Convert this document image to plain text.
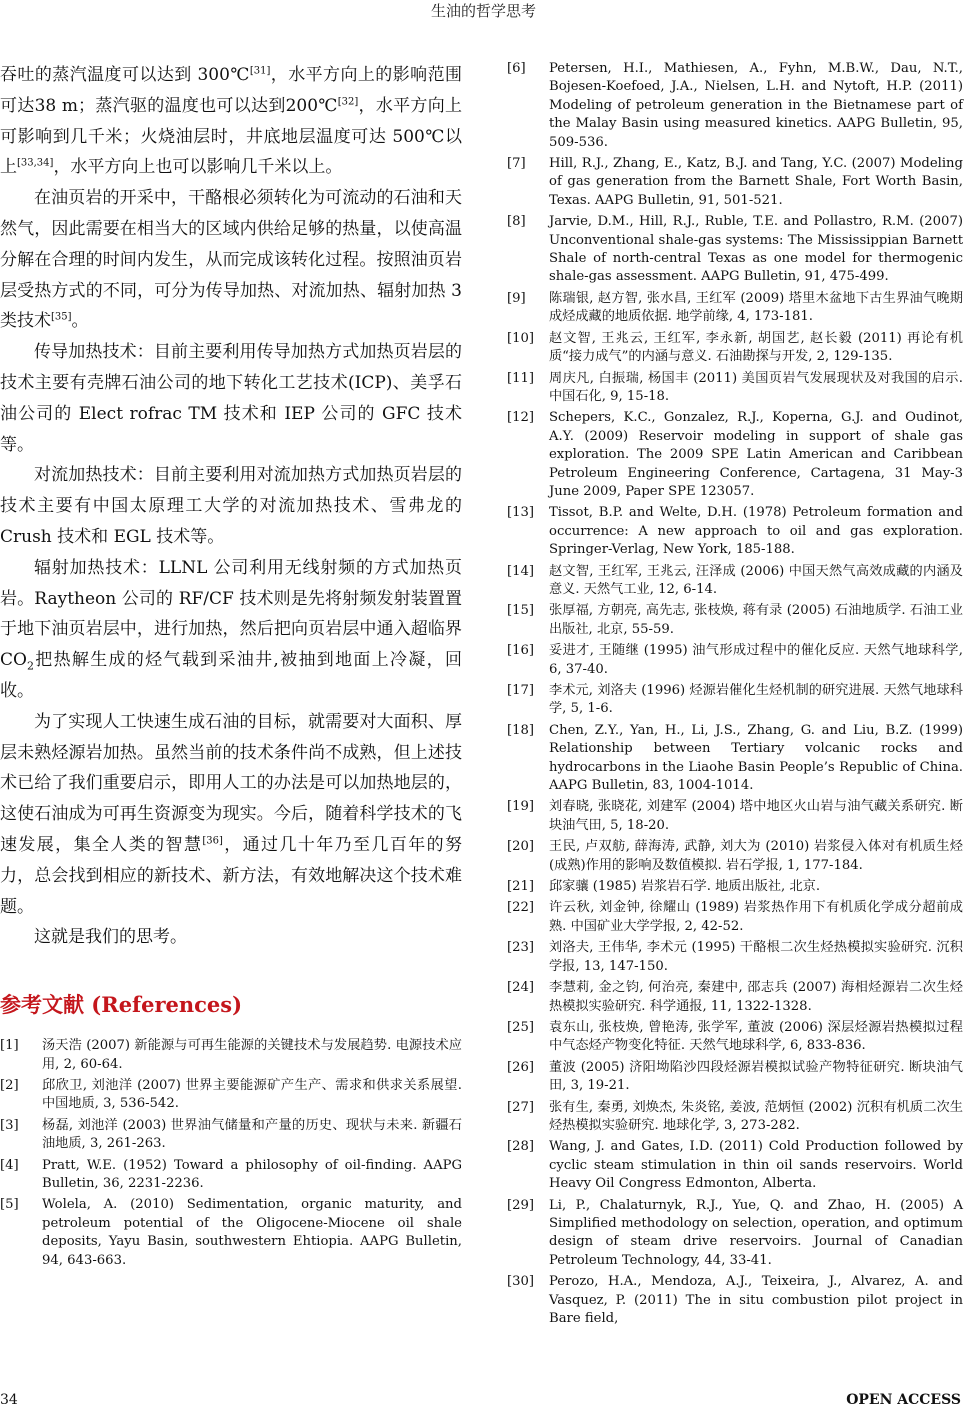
生油的哲学思考

吞吐的蒸汽温度可以达到 300℃[31]，水平方向上的影响范围可达38 m；蒸汽驱的温度也可以达到200℃[32]，水平方向上可影响到几千米；火烧油层时，井底地层温度可达 500℃以上[33,34]，水平方向上也可以影响几千米以上。

在油页岩的开采中，干酪根必须转化为可流动的石油和天然气，因此需要在相当大的区域内供给足够的热量，以使高温分解在合理的时间内发生，从而完成该转化过程。按照油页岩层受热方式的不同，可分为传导加热、对流加热、辐射加热 3 类技术[35]。

传导加热技术：目前主要利用传导加热方式加热页岩层的技术主要有壳牌石油公司的地下转化工艺技术(ICP)、美孚石油公司的 Elect rofrac TM 技术和 IEP 公司的 GFC 技术等。

对流加热技术：目前主要利用对流加热方式加热页岩层的技术主要有中国太原理工大学的对流加热技术、雪弗龙的 Crush 技术和 EGL 技术等。

辐射加热技术：LLNL 公司利用无线射频的方式加热页岩。Raytheon 公司的 RF/CF 技术则是先将射频发射装置置于地下油页岩层中，进行加热，然后把向页岩层中通入超临界$CO_2$把热解生成的烃气载到采油井,被抽到地面上冷凝，回收。

为了实现人工快速生成石油的目标，就需要对大面积、厚层未熟烃源岩加热。虽然当前的技术条件尚不成熟，但上述技术已给了我们重要启示，即用人工的办法是可以加热地层的，这使石油成为可再生资源变为现实。今后，随着科学技术的飞速发展，集全人类的智慧[36]，通过几十年乃至几百年的努力，总会找到相应的新技术、新方法，有效地解决这个技术难题。

这就是我们的思考。

参考文献 (References)
[1] 汤天浩 (2007) 新能源与可再生能源的关键技术与发展趋势. 电源技术应用, 2, 60-64.
[2] 邱欣卫, 刘池洋 (2007) 世界主要能源矿产生产、需求和供求关系展望. 中国地质, 3, 536-542.
[3] 杨磊, 刘池洋 (2003) 世界油气储量和产量的历史、现状与未来. 新疆石油地质, 3, 261-263.
[4] Pratt, W.E. (1952) Toward a philosophy of oil-finding. AAPG Bulletin, 36, 2231-2236.
[5] Wolela, A. (2010) Sedimentation, organic maturity, and petroleum potential of the Oligocene-Miocene oil shale deposits, Yayu Basin, southwestern Ehtiopia. AAPG Bulletin, 94, 643-663.
[6] Petersen, H.I., Mathiesen, A., Fyhn, M.B.W., Dau, N.T., Bojesen-Koefoed, J.A., Nielsen, L.H. and Nytoft, H.P. (2011) Modeling of petroleum generation in the Bietnamese part of the Malay Basin using measured kinetics. AAPG Bulletin, 95, 509-536.
[7] Hill, R.J., Zhang, E., Katz, B.J. and Tang, Y.C. (2007) Modeling of gas generation from the Barnett Shale, Fort Worth Basin, Texas. AAPG Bulletin, 91, 501-521.
[8] Jarvie, D.M., Hill, R.J., Ruble, T.E. and Pollastro, R.M. (2007) Unconventional shale-gas systems: The Mississippian Barnett Shale of north-central Texas as one model for thermogenic shale-gas assessment. AAPG Bulletin, 91, 475-499.
[9] 陈瑞银, 赵方智, 张水昌, 王红军 (2009) 塔里木盆地下古生界油气晚期成烃成藏的地质依据. 地学前缘, 4, 173-181.
[10] 赵文智, 王兆云, 王红军, 李永新, 胡国艺, 赵长毅 (2011) 再论有机质“接力成气”的内涵与意义. 石油勘探与开发, 2, 129-135.
[11] 周庆凡, 白振瑞, 杨国丰 (2011) 美国页岩气发展现状及对我国的启示. 中国石化, 9, 15-18.
[12] Schepers, K.C., Gonzalez, R.J., Koperna, G.J. and Oudinot, A.Y. (2009) Reservoir modeling in support of shale gas exploration. The 2009 SPE Latin American and Caribbean Petroleum Engineering Conference, Cartagena, 31 May-3 June 2009, Paper SPE 123057.
[13] Tissot, B.P. and Welte, D.H. (1978) Petroleum formation and occurrence: A new approach to oil and gas exploration. Springer-Verlag, New York, 185-188.
[14] 赵文智, 王红军, 王兆云, 汪泽成 (2006) 中国天然气高效成藏的内涵及意义. 天然气工业, 12, 6-14.
[15] 张厚福, 方朝亮, 高先志, 张枝焕, 蒋有录 (2005) 石油地质学. 石油工业出版社, 北京, 55-59.
[16] 妥进才, 王随继 (1995) 油气形成过程中的催化反应. 天然气地球科学, 6, 37-40.
[17] 李术元, 刘洛夫 (1996) 烃源岩催化生烃机制的研究进展. 天然气地球科学, 5, 1-6.
[18] Chen, Z.Y., Yan, H., Li, J.S., Zhang, G. and Liu, B.Z. (1999) Relationship between Tertiary volcanic rocks and hydrocarbons in the Liaohe Basin People’s Republic of China. AAPG Bulletin, 83, 1004-1014.
[19] 刘春晓, 张晓花, 刘建军 (2004) 塔中地区火山岩与油气藏关系研究. 断块油气田, 5, 18-20.
[20] 王民, 卢双舫, 薛海涛, 武静, 刘大为 (2010) 岩浆侵入体对有机质生烃(成熟)作用的影响及数值模拟. 岩石学报, 1, 177-184.
[21] 邱家骧 (1985) 岩浆岩石学. 地质出版社, 北京.
[22] 许云秋, 刘金钟, 徐耀山 (1989) 岩浆热作用下有机质化学成分超前成熟. 中国矿业大学学报, 2, 42-52.
[23] 刘洛夫, 王伟华, 李术元 (1995) 干酪根二次生烃热模拟实验研究. 沉积学报, 13, 147-150.
[24] 李慧莉, 金之钧, 何治亮, 秦建中, 邵志兵 (2007) 海相烃源岩二次生烃热模拟实验研究. 科学通报, 11, 1322-1328.
[25] 袁东山, 张枝焕, 曾艳涛, 张学军, 董波 (2006) 深层烃源岩热模拟过程中气态烃产物变化特征. 天然气地球科学, 6, 833-836.
[26] 董波 (2005) 济阳坳陷沙四段烃源岩模拟试验产物特征研究. 断块油气田, 3, 19-21.
[27] 张有生, 秦勇, 刘焕杰, 朱炎铭, 姜波, 范炳恒 (2002) 沉积有机质二次生烃热模拟实验研究. 地球化学, 3, 273-282.
[28] Wang, J. and Gates, I.D. (2011) Cold Production followed by cyclic steam stimulation in thin oil sands reservoirs. World Heavy Oil Congress Edmonton, Alberta.
[29] Li, P., Chalaturnyk, R.J., Yue, Q. and Zhao, H. (2005) A Simplified methodology on selection, operation, and optimum design of steam drive reservoirs. Journal of Canadian Petroleum Technology, 44, 33-41.
[30] Perozo, H.A., Mendoza, A.J., Teixeira, J., Alvarez, A. and Vasquez, P. (2011) The in situ combustion pilot project in Bare field,
34	OPEN ACCESS
